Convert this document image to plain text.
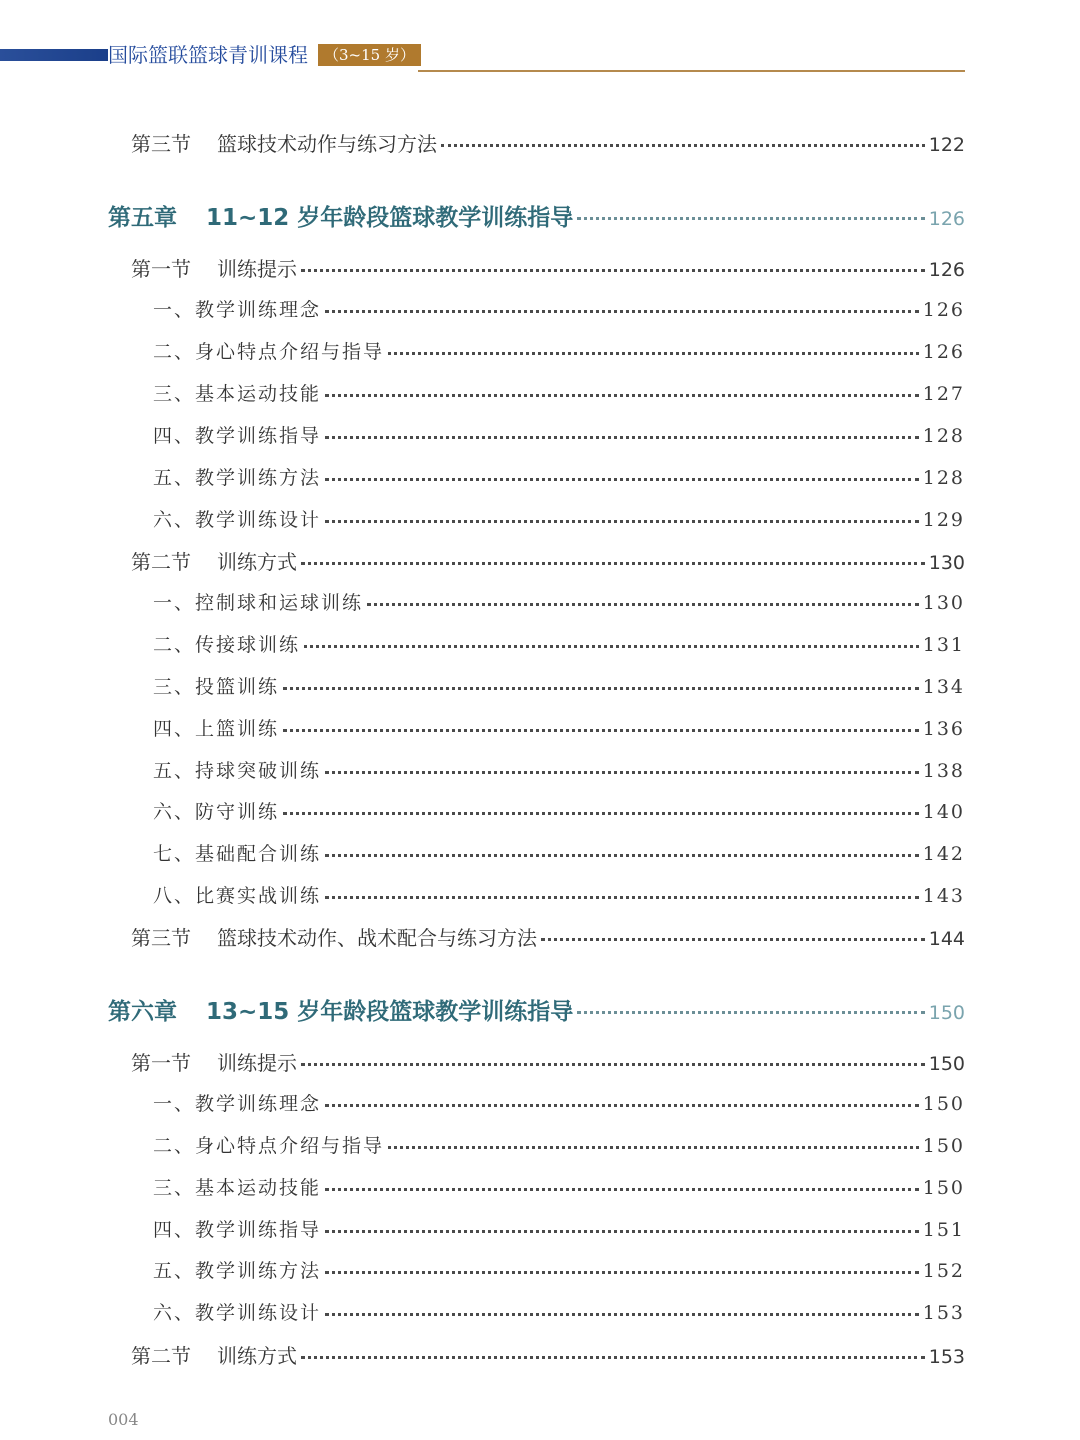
国际篮联篮球青训课程	（3~15 岁）
第三节 篮球技术动作与练习方法	122
第五章 11~12 岁年龄段篮球教学训练指导	126
第一节 训练提示	126
一、教学训练理念	126
二、身心特点介绍与指导	126
三、基本运动技能	127
四、教学训练指导	128
五、教学训练方法	128
六、教学训练设计	129
第二节 训练方式	130
一、控制球和运球训练	130
二、传接球训练	131
三、投篮训练	134
四、上篮训练	136
五、持球突破训练	138
六、防守训练	140
七、基础配合训练	142
八、比赛实战训练	143
第三节 篮球技术动作、战术配合与练习方法	144
第六章 13~15 岁年龄段篮球教学训练指导	150
第一节 训练提示	150
一、教学训练理念	150
二、身心特点介绍与指导	150
三、基本运动技能	150
四、教学训练指导	151
五、教学训练方法	152
六、教学训练设计	153
第二节 训练方式	153
004
